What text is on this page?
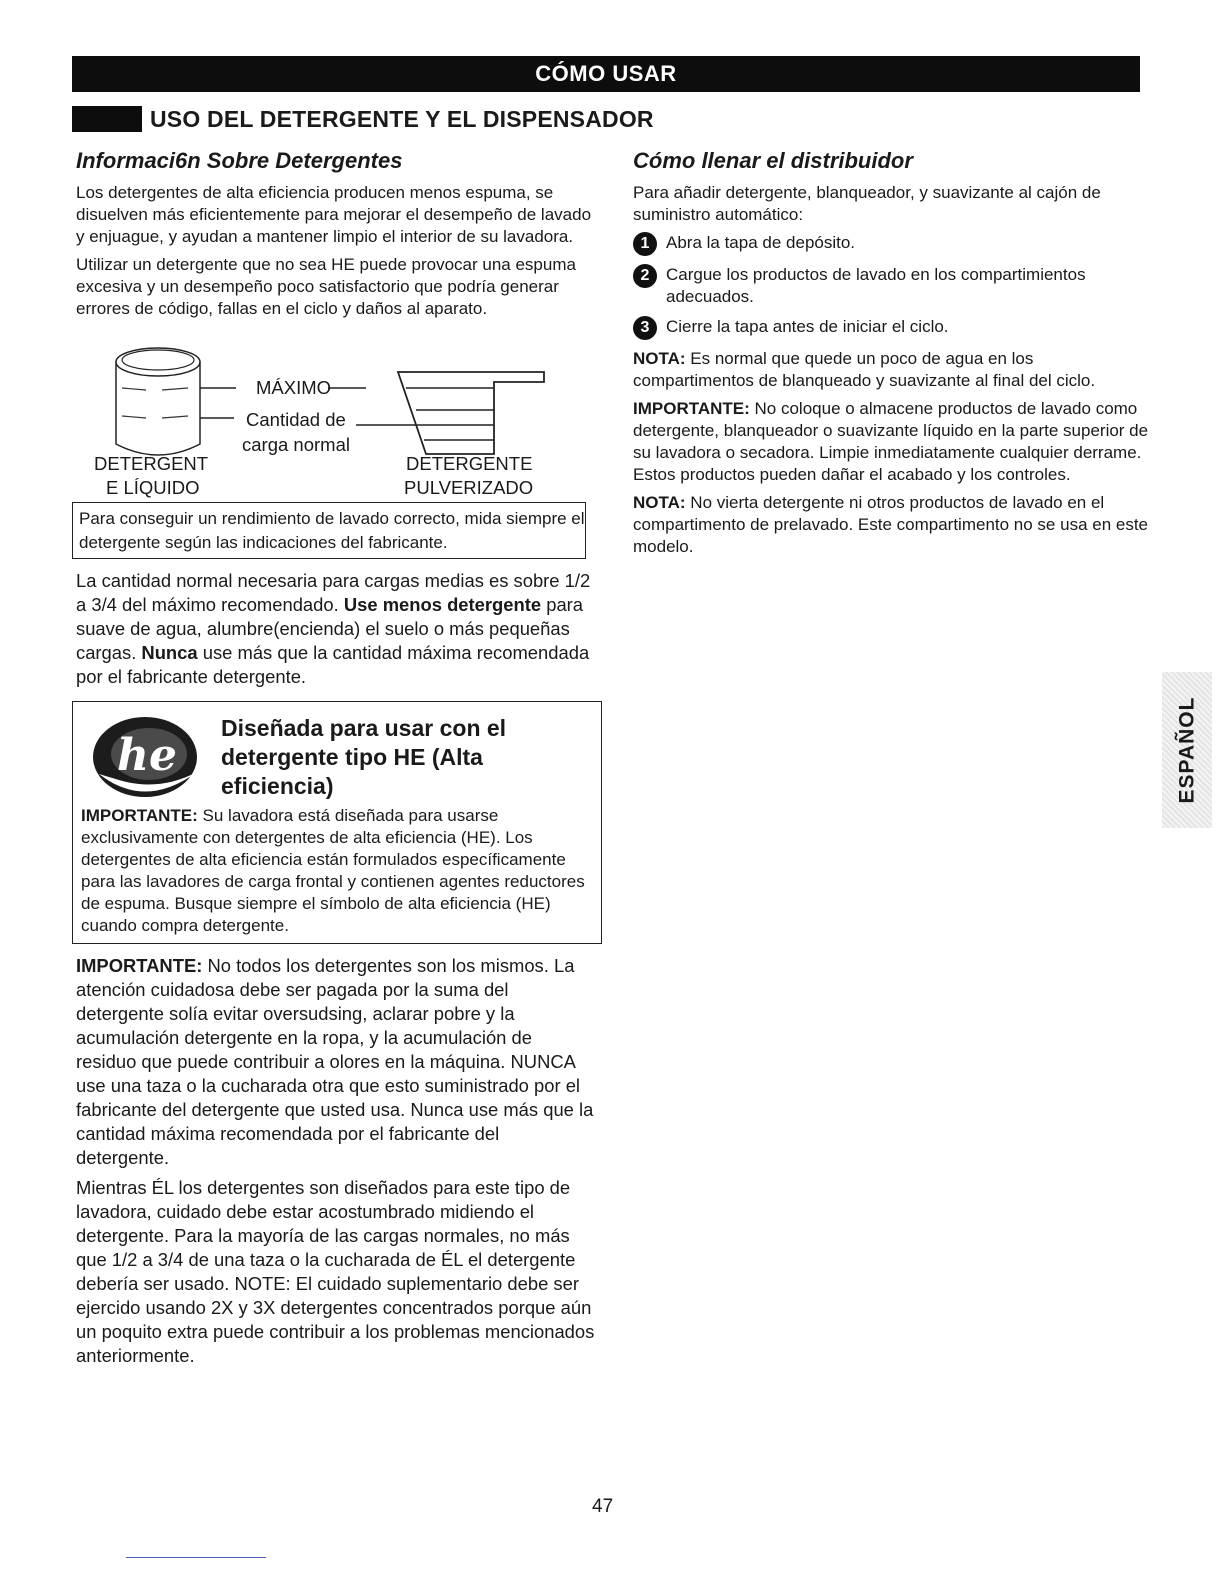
CÓMO USAR
USO DEL DETERGENTE Y EL DISPENSADOR
Informaci6n Sobre Detergentes

Los detergentes de alta eficiencia producen menos espuma, se disuelven más eficientemente para mejorar el desempeño de lavado y enjuague, y ayudan a mantener limpio el interior de su lavadora.

Utilizar un detergente que no sea HE puede provocar una espuma excesiva y un desempeño poco satisfactorio que podría generar errores de código, fallas en el ciclo y daños al aparato.

MÁXIMO
Cantidad de
carga normal
DETERGENT
E LÍQUIDO
DETERGENTE
PULVERIZADO
Para conseguir un rendimiento de lavado correcto, mida siempre el detergente según las indicaciones del fabricante.

La cantidad normal necesaria para cargas medias es sobre 1/2 a 3/4 del máximo recomendado. Use menos detergente para suave de agua, alumbre(encienda) el suelo o más pequeñas cargas. Nunca use más que la cantidad máxima recomendada por el fabricante detergente.

he
Diseñada para usar con el detergente tipo HE (Alta eficiencia)

IMPORTANTE: Su lavadora está diseñada para usarse exclusivamente con detergentes de alta eficiencia (HE). Los detergentes de alta eficiencia están formulados específicamente para las lavadores de carga frontal y contienen agentes reductores de espuma. Busque siempre el símbolo de alta eficiencia (HE) cuando compra detergente.

IMPORTANTE: No todos los detergentes son los mismos. La atención cuidadosa debe ser pagada por la suma del detergente solía evitar oversudsing, aclarar pobre y la acumulación detergente en la ropa, y la acumulación de residuo que puede contribuir a olores en la máquina. NUNCA use una taza o la cucharada otra que esto suministrado por el fabricante del detergente que usted usa. Nunca use más que la cantidad máxima recomendada por el fabricante del detergente.

Mientras ÉL los detergentes son diseñados para este tipo de lavadora, cuidado debe estar acostumbrado midiendo el detergente. Para la mayoría de las cargas normales, no más que 1/2 a 3/4 de una taza o la cucharada de ÉL el detergente debería ser usado. NOTE: El cuidado suplementario debe ser ejercido usando 2X y 3X detergentes concentrados porque aún un poquito extra puede contribuir a los problemas mencionados anteriormente.

Cómo llenar el distribuidor

Para añadir detergente, blanqueador, y suavizante al cajón de suministro automático:

1 Abra la tapa de depósito.
2 Cargue los productos de lavado en los compartimientos adecuados.
3 Cierre la tapa antes de iniciar el ciclo.

NOTA: Es normal que quede un poco de agua en los compartimentos de blanqueado y suavizante al final del ciclo.

IMPORTANTE: No coloque o almacene productos de lavado como detergente, blanqueador o suavizante líquido en la parte superior de su lavadora o secadora. Limpie inmediatamente cualquier derrame. Estos productos pueden dañar el acabado y los controles.

NOTA: No vierta detergente ni otros productos de lavado en el compartimento de prelavado. Este compartimento no se usa en este modelo.

ESPAÑOL
47
